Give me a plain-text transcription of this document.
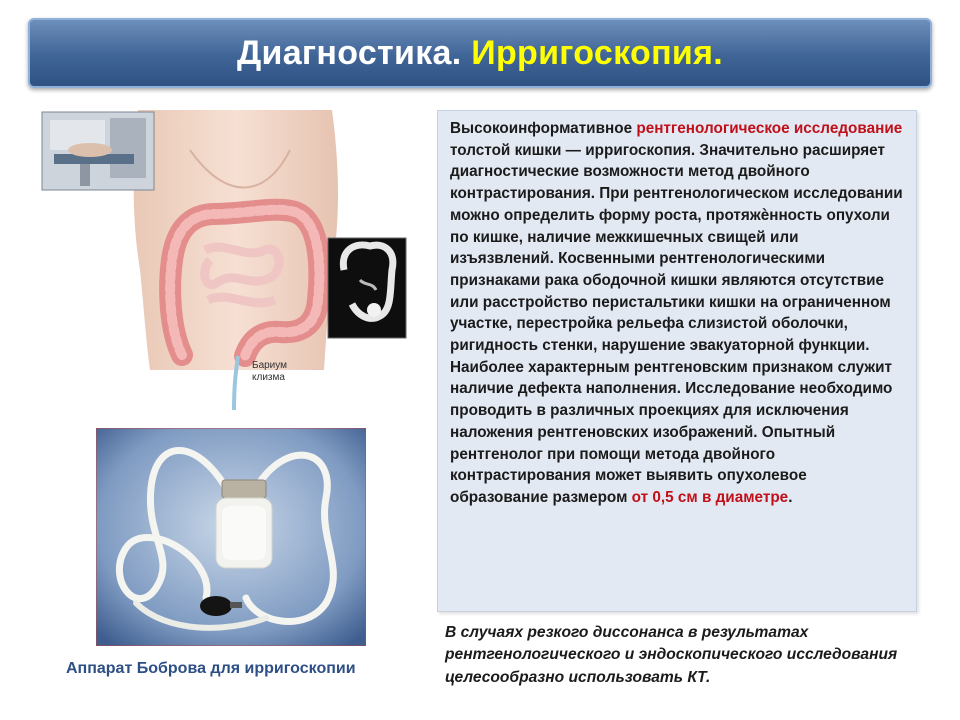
Диагностика. Ирригоскопия.
Бариум
клизма

Высокоинформативное рентгенологическое исследование толстой кишки — ирригоскопия. Значительно расширяет диагностические возможности метод двойного контрастирования. При рентгенологическом исследовании можно определить форму роста, протяжѐнность опухоли по кишке, наличие межкишечных свищей или изъязвлений. Косвенными рентгенологическими признаками рака ободочной кишки являются отсутствие или расстройство перистальтики кишки на ограниченном участке, перестройка рельефа слизистой оболочки, ригидность стенки, нарушение эвакуаторной функции. Наиболее характерным рентгеновским признаком служит наличие дефекта наполнения. Исследование необходимо проводить в различных проекциях для исключения наложения рентгеновских изображений. Опытный рентгенолог при помощи метода двойного контрастирования может выявить опухолевое образование размером от 0,5 см в диаметре.

В случаях резкого диссонанса в результатах рентгенологического и эндоскопического исследования целесообразно использовать КТ.

Аппарат Боброва для ирригоскопии
